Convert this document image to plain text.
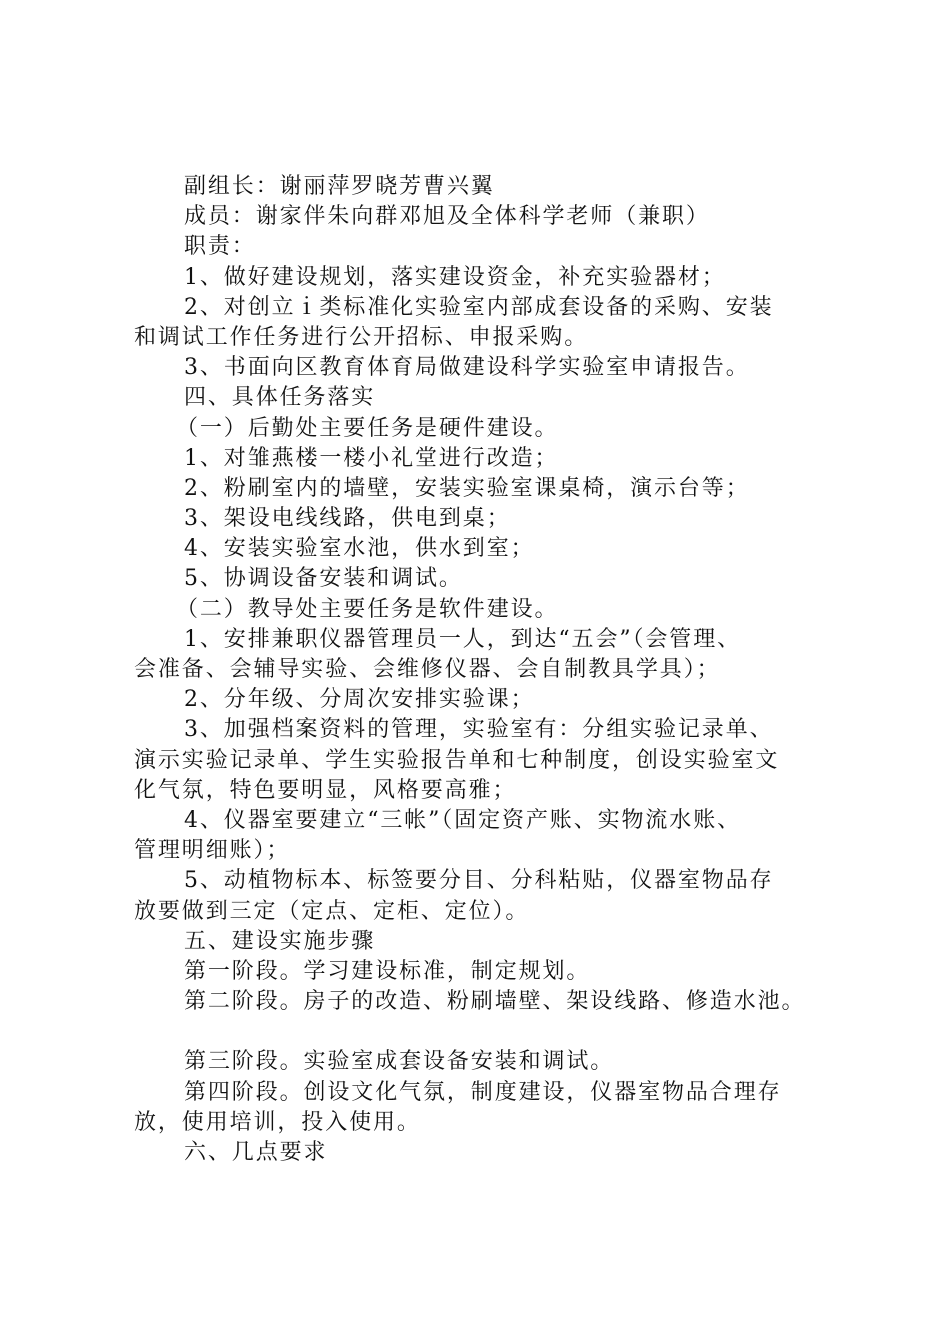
副组长：谢丽萍罗晓芳曹兴翼
成员：谢家伴朱向群邓旭及全体科学老师（兼职）
职责：
1、做好建设规划，落实建设资金，补充实验器材；
2、对创立ｉ类标准化实验室内部成套设备的采购、安装
和调试工作任务进行公开招标、申报采购。
3、书面向区教育体育局做建设科学实验室申请报告。
四、具体任务落实
（一）后勤处主要任务是硬件建设。
1、对雏燕楼一楼小礼堂进行改造；
2、粉刷室内的墙壁，安装实验室课桌椅，演示台等；
3、架设电线线路，供电到桌；
4、安装实验室水池，供水到室；
5、协调设备安装和调试。
（二）教导处主要任务是软件建设。
1、安排兼职仪器管理员一人，到达“五会”（会管理、
会准备、会辅导实验、会维修仪器、会自制教具学具）；
2、分年级、分周次安排实验课；
3、加强档案资料的管理，实验室有：分组实验记录单、
演示实验记录单、学生实验报告单和七种制度，创设实验室文
化气氛，特色要明显，风格要高雅；
4、仪器室要建立“三帐”（固定资产账、实物流水账、
管理明细账）；
5、动植物标本、标签要分目、分科粘贴，仪器室物品存
放要做到三定（定点、定柜、定位）。
五、建设实施步骤
第一阶段。学习建设标准，制定规划。
第二阶段。房子的改造、粉刷墙壁、架设线路、修造水池。
第三阶段。实验室成套设备安装和调试。
第四阶段。创设文化气氛，制度建设，仪器室物品合理存
放，使用培训，投入使用。
六、几点要求
